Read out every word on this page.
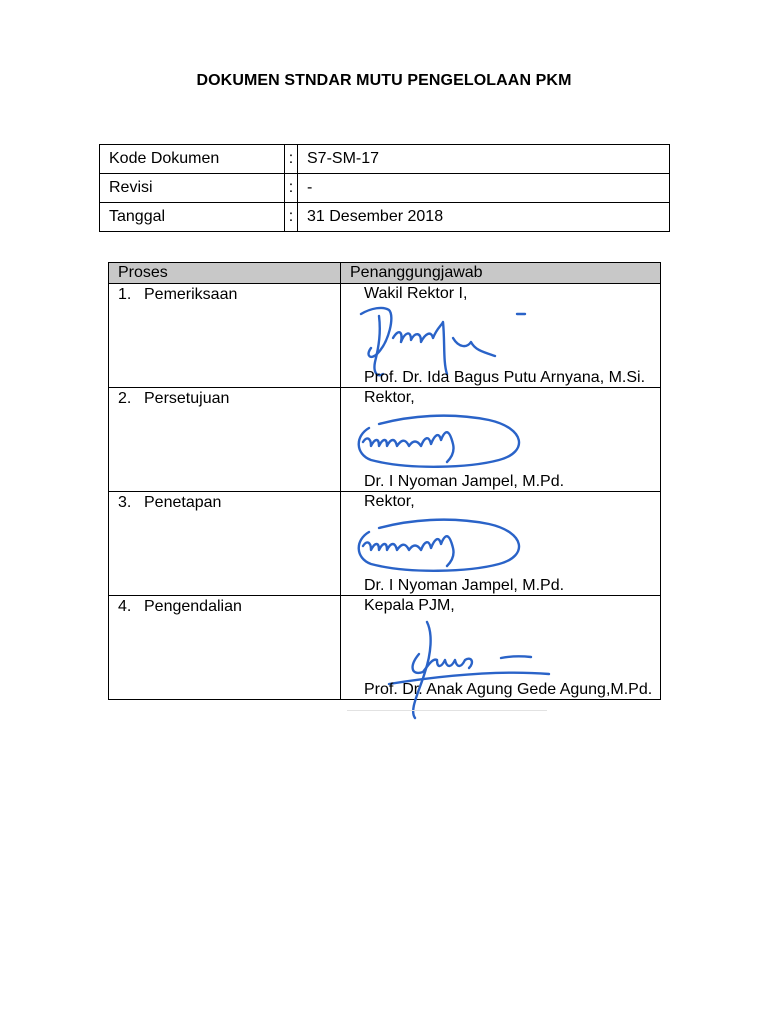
DOKUMEN STNDAR MUTU PENGELOLAAN PKM
Kode Dokumen	:	S7-SM-17
Revisi	:	-
Tanggal	:	31 Desember 2018
Proses	Penanggungjawab
1. Pemeriksaan	Wakil Rektor I,
Prof. Dr. Ida Bagus Putu Arnyana, M.Si.

2. Persetujuan	Rektor,
Dr. I Nyoman Jampel, M.Pd.

3. Penetapan	Rektor,
Dr. I Nyoman Jampel, M.Pd.

4. Pengendalian	Kepala PJM,
Prof. Dr. Anak Agung Gede Agung,M.Pd.
